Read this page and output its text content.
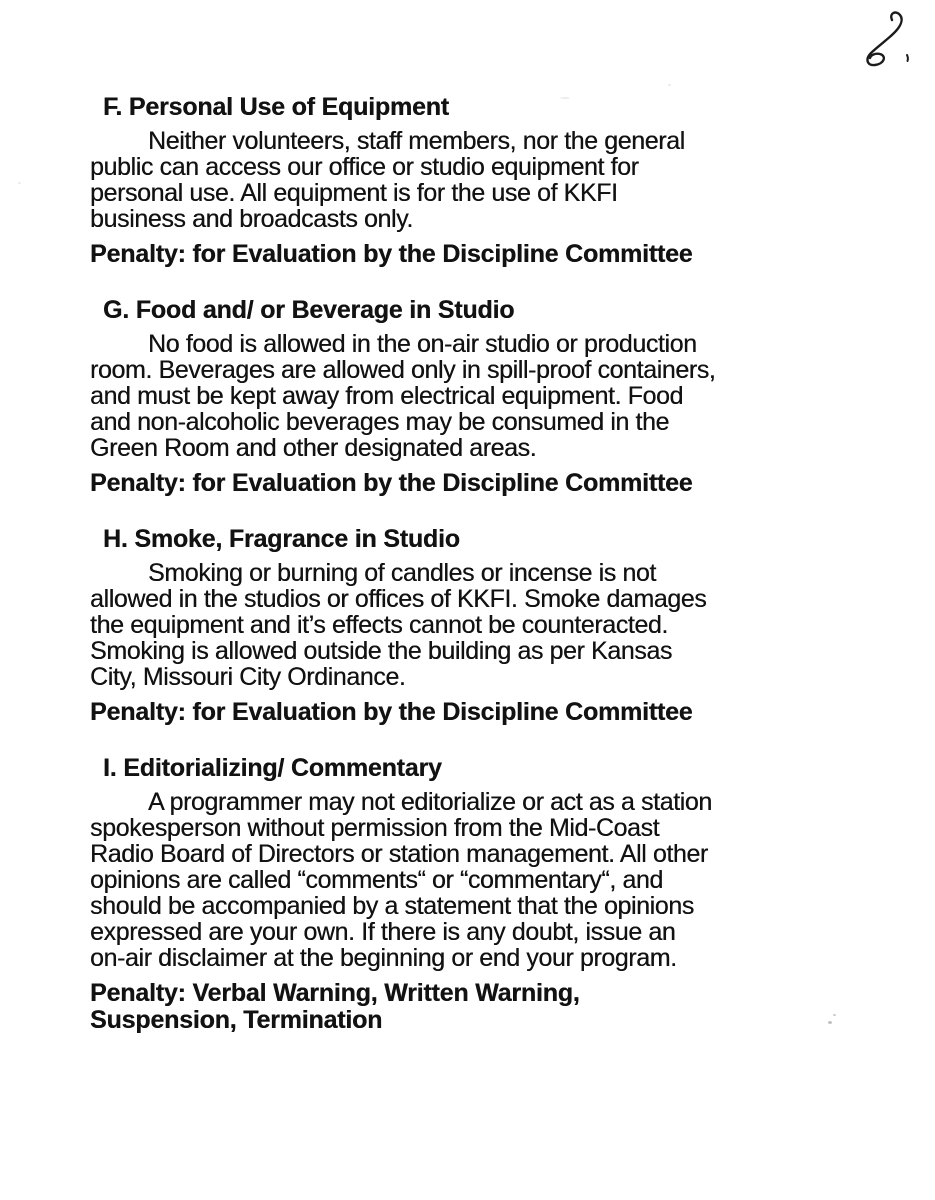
F. Personal Use of Equipment

Neither volunteers, staff members, nor the general
public can access our office or studio equipment for
personal use. All equipment is for the use of KKFI
business and broadcasts only.

Penalty: for Evaluation by the Discipline Committee
G. Food and/ or Beverage in Studio

No food is allowed in the on-air studio or production
room. Beverages are allowed only in spill-proof containers,
and must be kept away from electrical equipment. Food
and non-alcoholic beverages may be consumed in the
Green Room and other designated areas.

Penalty: for Evaluation by the Discipline Committee
H. Smoke, Fragrance in Studio

Smoking or burning of candles or incense is not
allowed in the studios or offices of KKFI. Smoke damages
the equipment and it’s effects cannot be counteracted.
Smoking is allowed outside the building as per Kansas
City, Missouri City Ordinance.

Penalty: for Evaluation by the Discipline Committee
I. Editorializing/ Commentary

A programmer may not editorialize or act as a station
spokesperson without permission from the Mid-Coast
Radio Board of Directors or station management. All other
opinions are called “comments“ or “commentary“, and
should be accompanied by a statement that the opinions
expressed are your own. If there is any doubt, issue an
on-air disclaimer at the beginning or end your program.

Penalty: Verbal Warning, Written Warning,
Suspension, Termination
